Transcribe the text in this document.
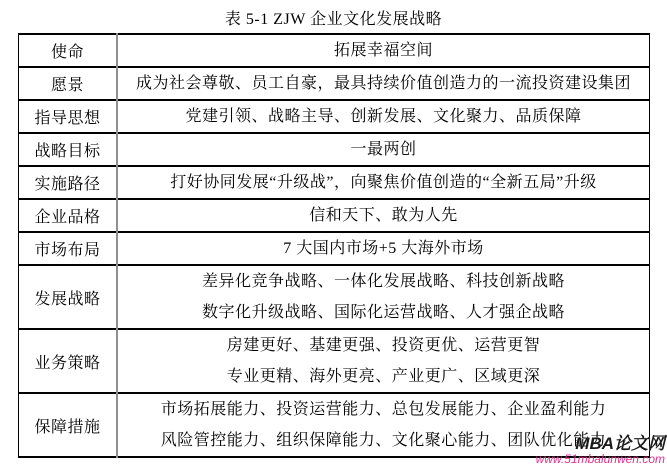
表 5-1 ZJW 企业文化发展战略
使命	拓展幸福空间

愿景	成为社会尊敬、员工自豪，最具持续价值创造力的一流投资建设集团

指导思想	党建引领、战略主导、创新发展、文化聚力、品质保障

战略目标	一最两创

实施路径	打好协同发展“升级战”，向聚焦价值创造的“全新五局”升级

企业品格	信和天下、敢为人先

市场布局	7 大国内市场+5 大海外市场

发展战略	差异化竞争战略、一体化发展战略、科技创新战略
数字化升级战略、国际化运营战略、人才强企战略

业务策略	房建更好、基建更强、投资更优、运营更智
专业更精、海外更亮、产业更广、区域更深

保障措施	市场拓展能力、投资运营能力、总包发展能力、企业盈利能力
风险管控能力、组织保障能力、文化聚心能力、团队优化能力
MBA论文网
www.51mbalunwen.com
